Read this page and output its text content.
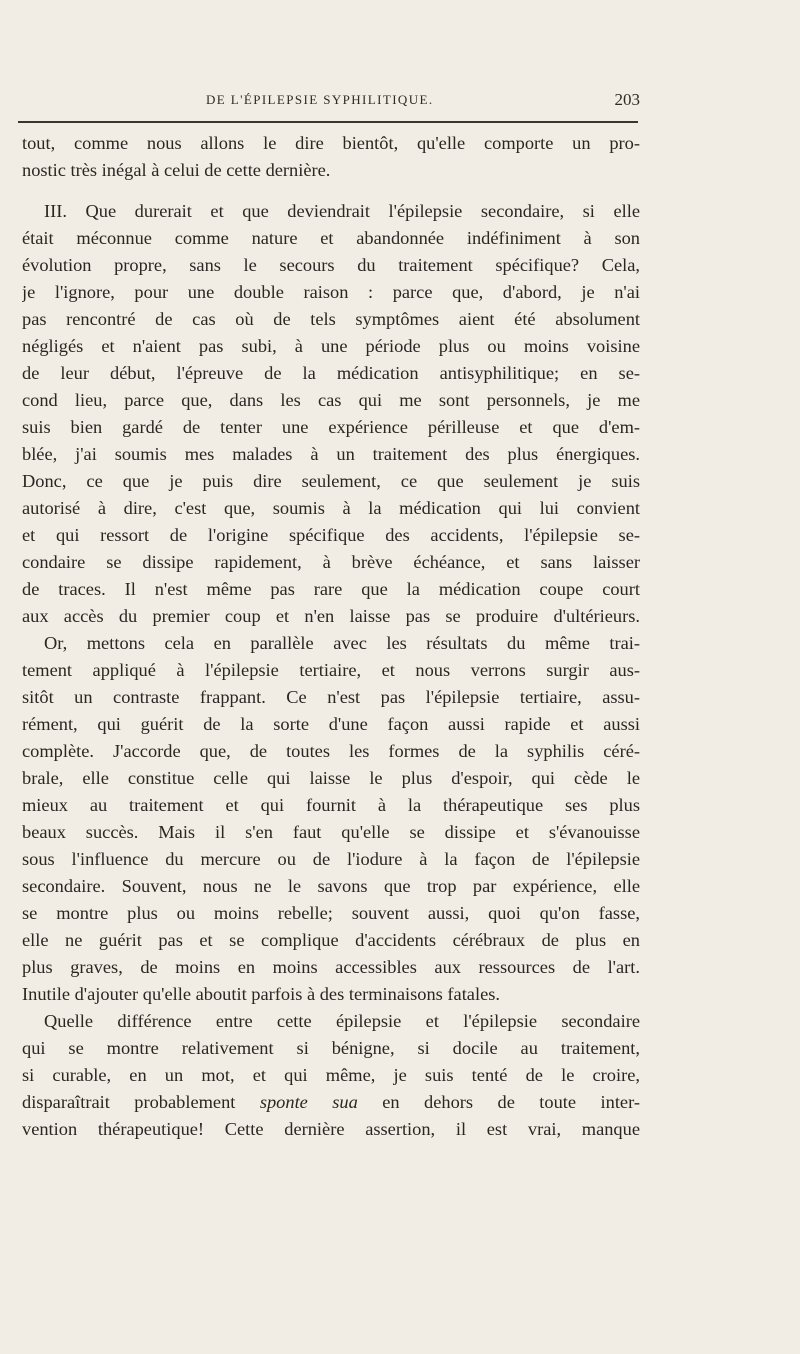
DE L'ÉPILEPSIE SYPHILITIQUE.	203
tout, comme nous allons le dire bientôt, qu'elle comporte un pro-
nostic très inégal à celui de cette dernière.
III. Que durerait et que deviendrait l'épilepsie secondaire, si elle
était méconnue comme nature et abandonnée indéfiniment à son
évolution propre, sans le secours du traitement spécifique? Cela,
je l'ignore, pour une double raison : parce que, d'abord, je n'ai
pas rencontré de cas où de tels symptômes aient été absolument
négligés et n'aient pas subi, à une période plus ou moins voisine
de leur début, l'épreuve de la médication antisyphilitique; en se-
cond lieu, parce que, dans les cas qui me sont personnels, je me
suis bien gardé de tenter une expérience périlleuse et que d'em-
blée, j'ai soumis mes malades à un traitement des plus énergiques.
Donc, ce que je puis dire seulement, ce que seulement je suis
autorisé à dire, c'est que, soumis à la médication qui lui convient
et qui ressort de l'origine spécifique des accidents, l'épilepsie se-
condaire se dissipe rapidement, à brève échéance, et sans laisser
de traces. Il n'est même pas rare que la médication coupe court
aux accès du premier coup et n'en laisse pas se produire d'ultérieurs.
Or, mettons cela en parallèle avec les résultats du même trai-
tement appliqué à l'épilepsie tertiaire, et nous verrons surgir aus-
sitôt un contraste frappant. Ce n'est pas l'épilepsie tertiaire, assu-
rément, qui guérit de la sorte d'une façon aussi rapide et aussi
complète. J'accorde que, de toutes les formes de la syphilis céré-
brale, elle constitue celle qui laisse le plus d'espoir, qui cède le
mieux au traitement et qui fournit à la thérapeutique ses plus
beaux succès. Mais il s'en faut qu'elle se dissipe et s'évanouisse
sous l'influence du mercure ou de l'iodure à la façon de l'épilepsie
secondaire. Souvent, nous ne le savons que trop par expérience, elle
se montre plus ou moins rebelle; souvent aussi, quoi qu'on fasse,
elle ne guérit pas et se complique d'accidents cérébraux de plus en
plus graves, de moins en moins accessibles aux ressources de l'art.
Inutile d'ajouter qu'elle aboutit parfois à des terminaisons fatales.
Quelle différence entre cette épilepsie et l'épilepsie secondaire
qui se montre relativement si bénigne, si docile au traitement,
si curable, en un mot, et qui même, je suis tenté de le croire,
disparaîtrait probablement sponte sua en dehors de toute inter-
vention thérapeutique! Cette dernière assertion, il est vrai, manque
